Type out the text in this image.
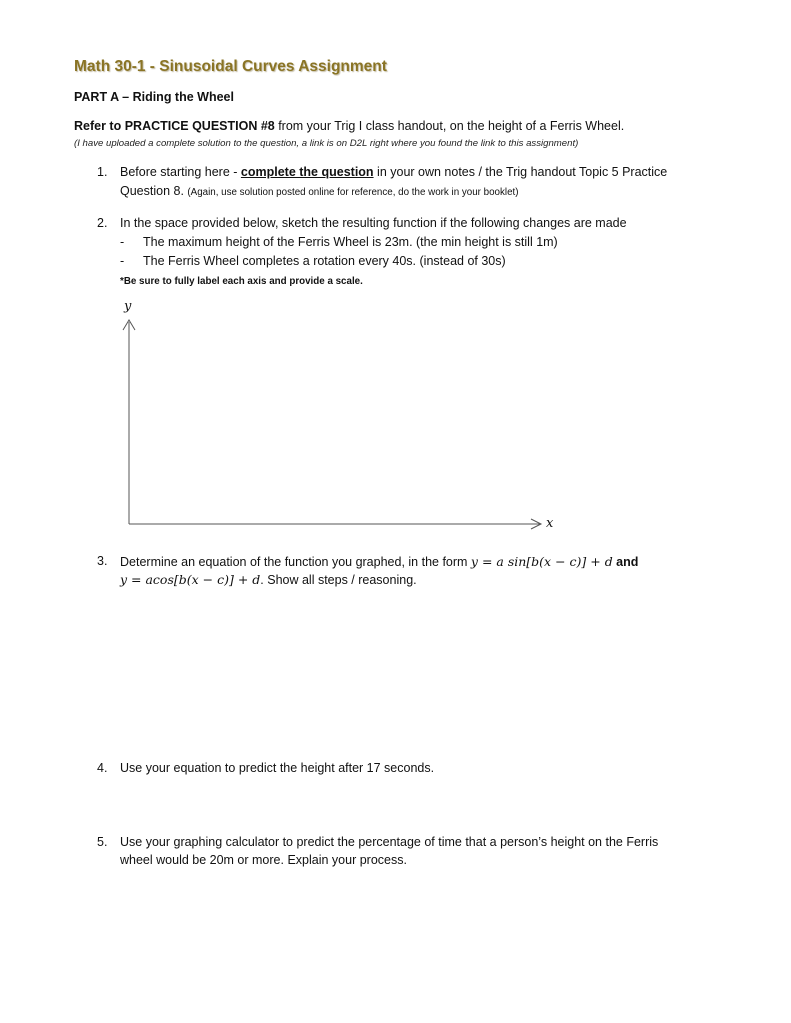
Math 30-1 - Sinusoidal Curves Assignment
PART A – Riding the Wheel
Refer to PRACTICE QUESTION #8 from your Trig I class handout, on the height of a Ferris Wheel.
(I have uploaded a complete solution to the question, a link is on D2L right where you found the link to this assignment)
1. Before starting here - complete the question in your own notes / the Trig handout Topic 5 Practice
Question 8. (Again, use solution posted online for reference, do the work in your booklet)
2. In the space provided below, sketch the resulting function if the following changes are made
- The maximum height of the Ferris Wheel is 23m. (the min height is still 1m)
- The Ferris Wheel completes a rotation every 40s. (instead of 30s)
*Be sure to fully label each axis and provide a scale.
y
x
3. Determine an equation of the function you graphed, in the form y = a sin[b(x − c)] + d and
y = acos[b(x − c)] + d. Show all steps / reasoning.
4. Use your equation to predict the height after 17 seconds.
5. Use your graphing calculator to predict the percentage of time that a person’s height on the Ferris
wheel would be 20m or more. Explain your process.
